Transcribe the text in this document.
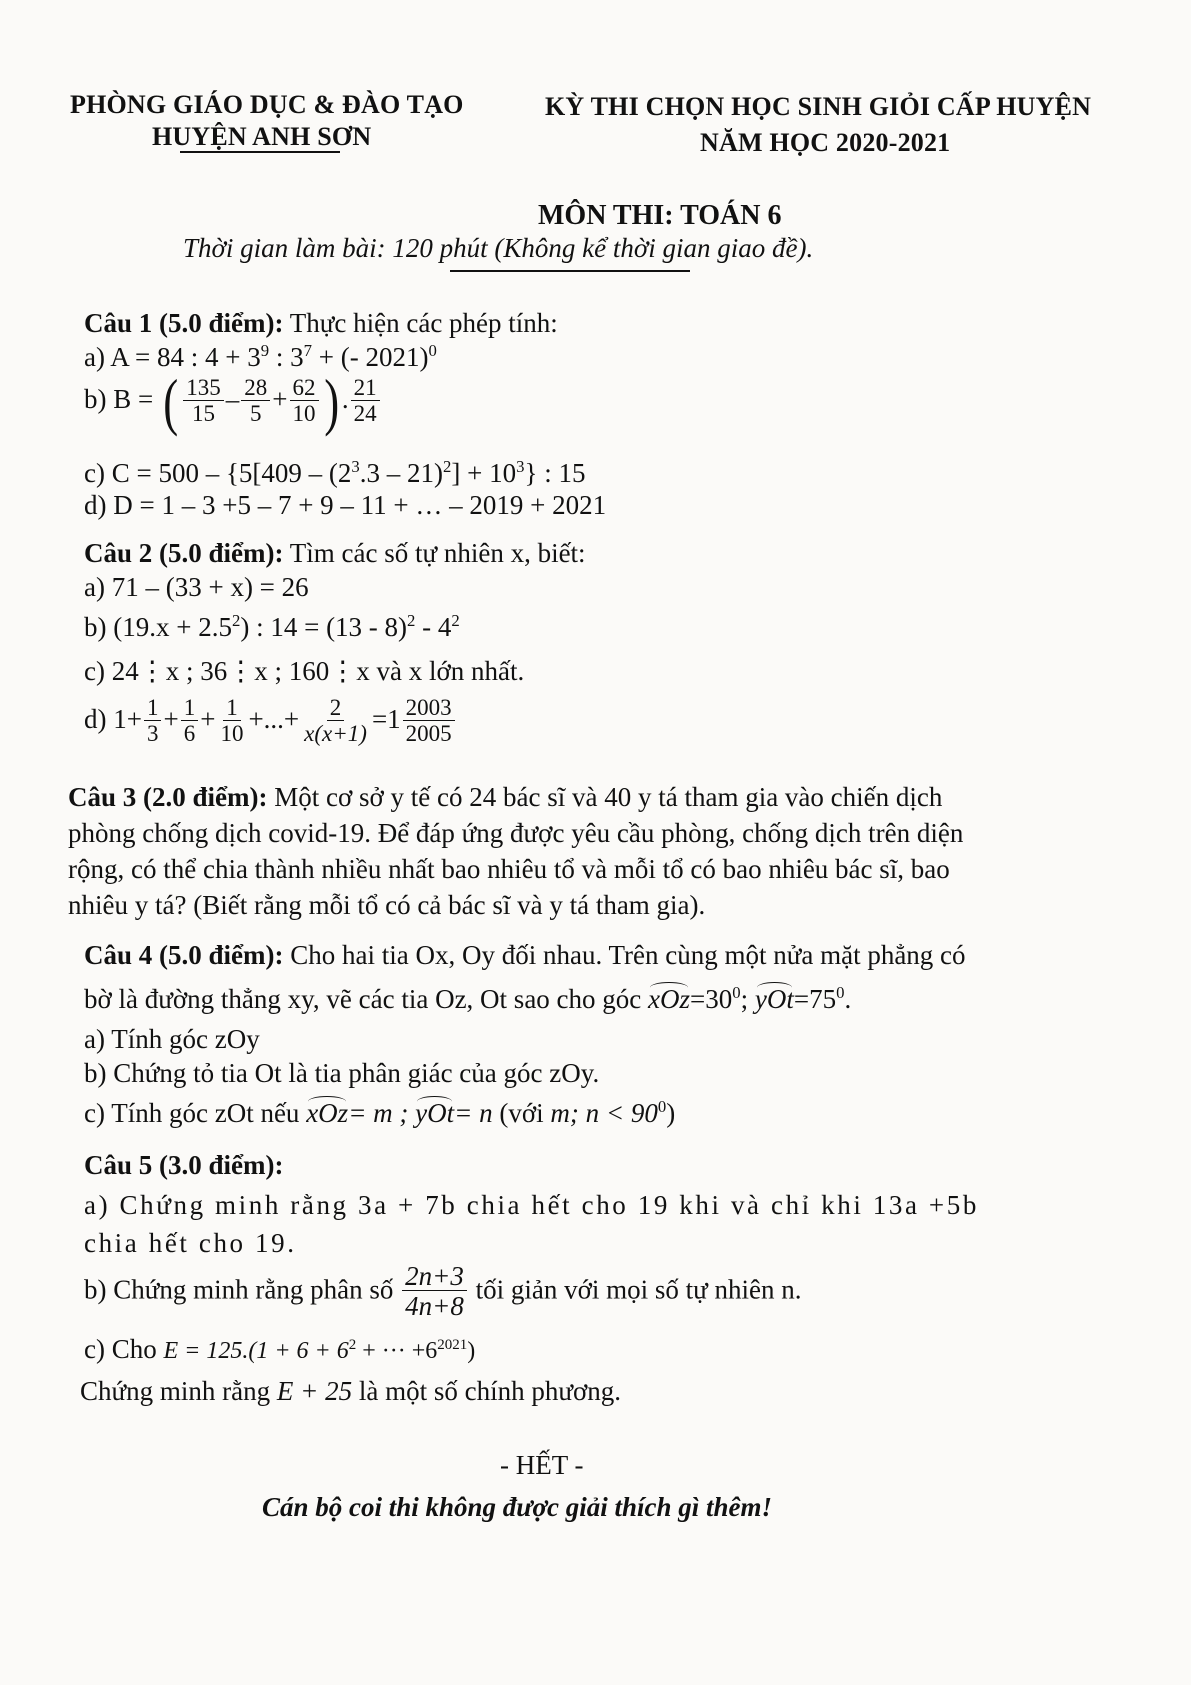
PHÒNG GIÁO DỤC & ĐÀO TẠO
HUYỆN ANH SƠN
KỲ THI CHỌN HỌC SINH GIỎI CẤP HUYỆN
NĂM HỌC 2020-2021
MÔN THI: TOÁN 6
Thời gian làm bài: 120 phút (Không kể thời gian giao đề).
Câu 1 (5.0 điểm): Thực hiện các phép tính:
a) A = 84 : $4 + 3^9$ : $3^7$ + (- 2021)$^0$
b) B = ( $\frac{135}{15} - \frac{28}{5} + \frac{62}{10}$ ) . $\frac{21}{24}$
c) $C = 500 - \{5[409 - (2^3.3 - 21)^2] + 10^3\}$ : 15
d) D = 1 – 3 +5 – 7 + 9 – 11 + … – 2019 + 2021
Câu 2 (5.0 điểm): Tìm các số tự nhiên x, biết:
a) 71 – (33 + x) = 26
b) $(19.x + 2.5^2)$ : $14 = (13 - 8)^2 - 4^2$
c) 24⋮x ; 36⋮x ; 160⋮x và x lớn nhất.
d) $1+ \frac{1}{3} + \frac{1}{6} + \frac{1}{10}$ +...+ $\frac{2}{x(x+1)} =1 \frac{2003}{2005}$
Câu 3 (2.0 điểm): Một cơ sở y tế có 24 bác sĩ và 40 y tá tham gia vào chiến dịch
phòng chống dịch covid-19. Để đáp ứng được yêu cầu phòng, chống dịch trên diện
rộng, có thể chia thành nhiều nhất bao nhiêu tổ và mỗi tổ có bao nhiêu bác sĩ, bao
nhiêu y tá? (Biết rằng mỗi tổ có cả bác sĩ và y tá tham gia).
Câu 4 (5.0 điểm): Cho hai tia Ox, Oy đối nhau. Trên cùng một nửa mặt phẳng có
bờ là đường thẳng xy, vẽ các tia Oz, Ot sao cho góc $xOz=30^0$; $yOt=75^0$.
a) Tính góc zOy
b) Chứng tỏ tia Ot là tia phân giác của góc zOy.
c) Tính góc zOt nếu xOz= m ; yOt= n (với m; $n < 90^0$)
Câu 5 (3.0 điểm):
a) Chứng minh rằng 3a + 7b chia hết cho 19 khi và chỉ khi 13a +5b
chia hết cho 19.
b) Chứng minh rằng phân số $\frac{2n+3}{4n+8}$ tối giản với mọi số tự nhiên n.
c) Cho $E = 125.(1 + 6 + 6^2$ + ··· $+6^{2021}$)
Chứng minh rằng E + 25 là một số chính phương.
- HẾT -
Cán bộ coi thi không được giải thích gì thêm!
